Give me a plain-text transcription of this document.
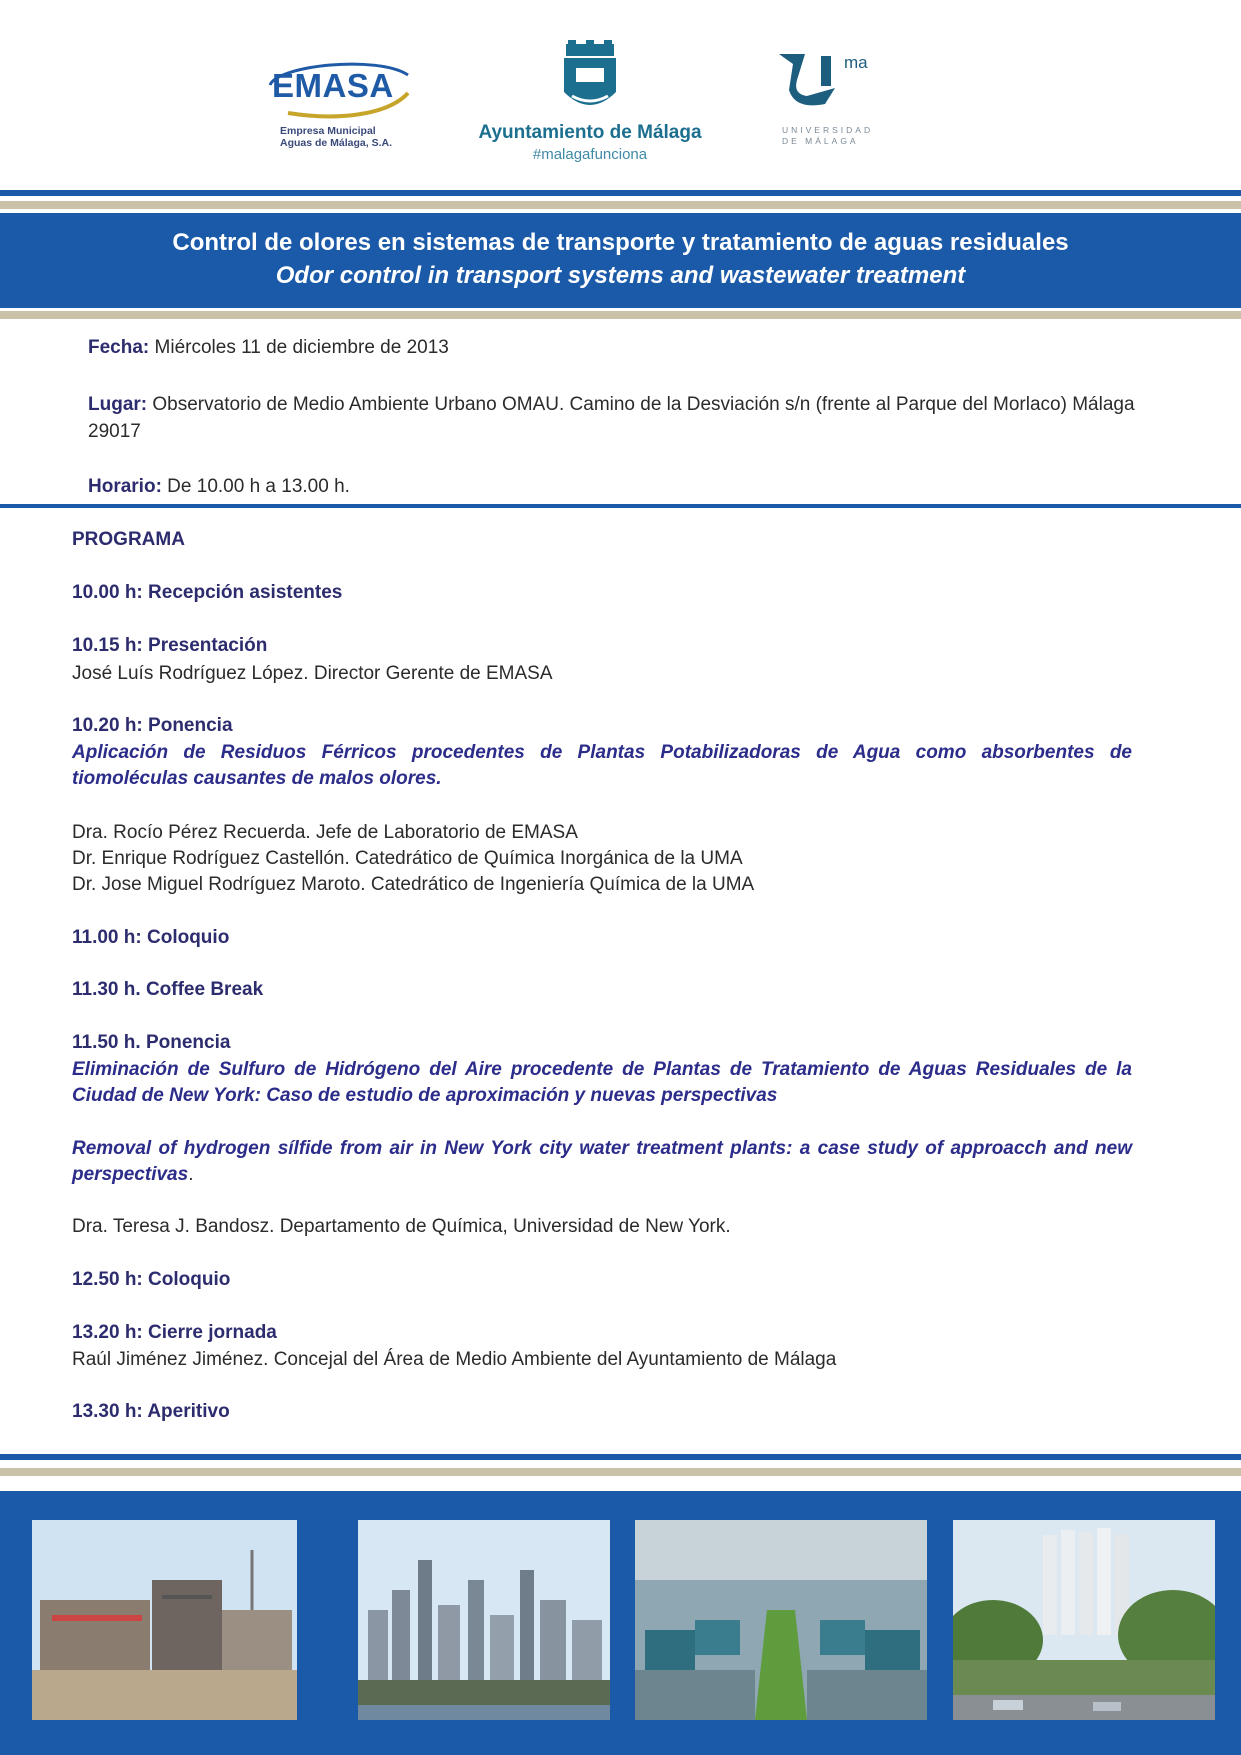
EMASA
Empresa Municipal
Aguas de Málaga, S.A.	Ayuntamiento de Málaga
#malagafunciona
ma
UNIVERSIDAD
DE MÁLAGA
Control de olores en sistemas de transporte y tratamiento de aguas residuales
Odor control in transport systems and wastewater treatment
Fecha: Miércoles 11 de diciembre de 2013
Lugar: Observatorio de Medio Ambiente Urbano OMAU. Camino de la Desviación s/n (frente al Parque del Morlaco) Málaga 29017
Horario: De 10.00 h a 13.00 h.
PROGRAMA
10.00 h: Recepción asistentes
10.15 h: Presentación
José Luís Rodríguez López. Director Gerente de EMASA
10.20 h: Ponencia
Aplicación de Residuos Férricos procedentes de Plantas Potabilizadoras de Agua como absorbentes de tiomoléculas causantes de malos olores.
Dra. Rocío Pérez Recuerda. Jefe de Laboratorio de EMASA
Dr. Enrique Rodríguez Castellón. Catedrático de Química Inorgánica de la UMA
Dr. Jose Miguel Rodríguez Maroto. Catedrático de Ingeniería Química de la UMA
11.00 h: Coloquio
11.30 h. Coffee Break
11.50 h. Ponencia
Eliminación de Sulfuro de Hidrógeno del Aire procedente de Plantas de Tratamiento de Aguas Residuales de la Ciudad de New York: Caso de estudio de aproximación y nuevas perspectivas
Removal of hydrogen sílfide from air in New York city water treatment plants: a case study of approacch and new perspectivas.
Dra. Teresa J. Bandosz. Departamento de Química, Universidad de New York.
12.50 h: Coloquio
13.20 h: Cierre jornada
Raúl Jiménez Jiménez. Concejal del Área de Medio Ambiente del Ayuntamiento de Málaga
13.30 h: Aperitivo
